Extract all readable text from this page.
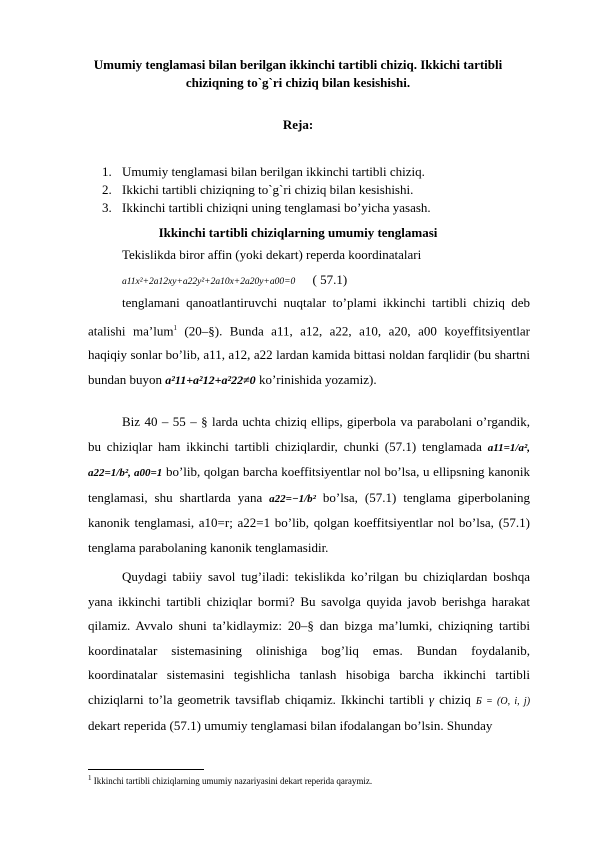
Umumiy tenglamasi bilan berilgan ikkinchi tartibli chiziq. Ikkichi tartibli chiziqning to`g`ri chiziq bilan kesishishi.
Reja:
1. Umumiy tenglamasi bilan berilgan ikkinchi tartibli chiziq.
2. Ikkichi tartibli chiziqning to`g`ri chiziq bilan kesishishi.
3. Ikkinchi tartibli chiziqni uning tenglamasi bo’yicha yasash.
Ikkinchi tartibli chiziqlarning umumiy tenglamasi
Tekislikda biror affin (yoki dekart) reperda koordinatalari
a11x²+2a12xy+a22y²+2a10x+2a20y+a00=0 ( 57.1)

tenglamani qanoatlantiruvchi nuqtalar to’plami ikkinchi tartibli chiziq deb atalishi ma’lum$^1$ (20–§). Bunda a11, a12, a22, a10, a20, a00 koyeffitsiyentlar haqiqiy sonlar bo’lib, a11, a12, a22 lardan kamida bittasi noldan farqlidir (bu shartni bundan buyon a²11+a²12+a²22≠0 ko’rinishida yozamiz).

Biz 40 – 55 – § larda uchta chiziq ellips, giperbola va parabolani o’rgandik, bu chiziqlar ham ikkinchi tartibli chiziqlardir, chunki (57.1) tenglamada a11=1/a², a22=1/b², a00=1 bo’lib, qolgan barcha koeffitsiyentlar nol bo’lsa, u ellipsning kanonik tenglamasi, shu shartlarda yana a22=−1/b² bo’lsa, (57.1) tenglama giperbolaning kanonik tenglamasi, a10=r; a22=1 bo’lib, qolgan koeffitsiyentlar nol bo’lsa, (57.1) tenglama parabolaning kanonik tenglamasidir.

Quydagi tabiiy savol tug’iladi: tekislikda ko’rilgan bu chiziqlardan boshqa yana ikkinchi tartibli chiziqlar bormi? Bu savolga quyida javob berishga harakat qilamiz. Avvalo shuni ta’kidlaymiz: 20–§ dan bizga ma’lumki, chiziqning tartibi koordinatalar sistemasining olinishiga bog’liq emas. Bundan foydalanib, koordinatalar sistemasini tegishlicha tanlash hisobiga barcha ikkinchi tartibli chiziqlarni to’la geometrik tavsiflab chiqamiz. Ikkinchi tartibli γ chiziq Б = (O, i, j) dekart reperida (57.1) umumiy tenglamasi bilan ifodalangan bo’lsin. Shunday

$^1$ Ikkinchi tartibli chiziqlarning umumiy nazariyasini dekart reperida qaraymiz.
